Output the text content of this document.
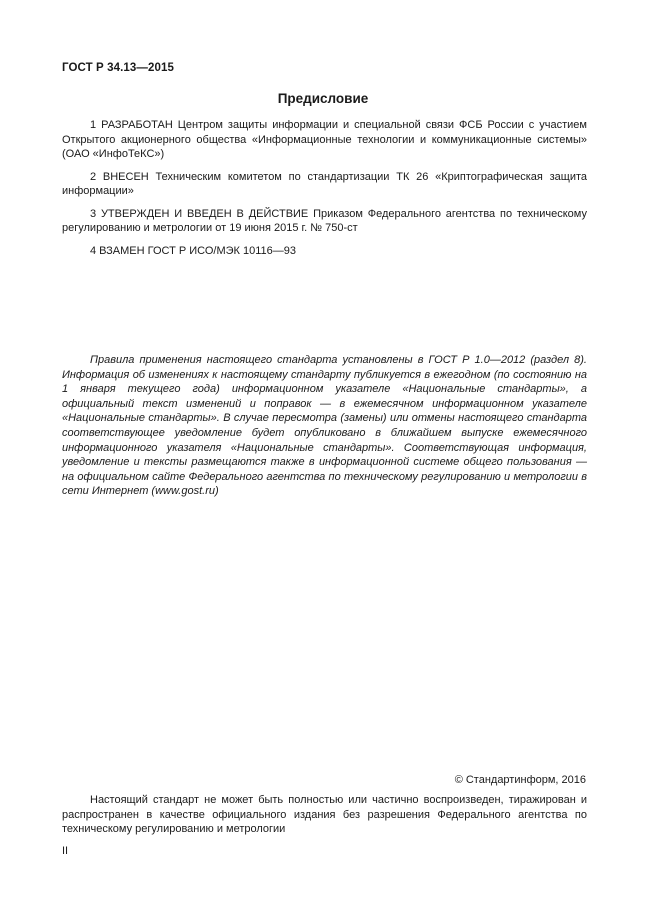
ГОСТ Р 34.13—2015
Предисловие

1 РАЗРАБОТАН Центром защиты информации и специальной связи ФСБ России с участием Открытого акционерного общества «Информационные технологии и коммуникационные системы» (ОАО «ИнфоТеКС»)

2 ВНЕСЕН Техническим комитетом по стандартизации ТК 26 «Криптографическая защита информации»

3 УТВЕРЖДЕН И ВВЕДЕН В ДЕЙСТВИЕ Приказом Федерального агентства по техническому регулированию и метрологии от 19 июня 2015 г. № 750-ст

4 ВЗАМЕН ГОСТ Р ИСО/МЭК 10116—93

Правила применения настоящего стандарта установлены в ГОСТ Р 1.0—2012 (раздел 8). Информация об изменениях к настоящему стандарту публикуется в ежегодном (по состоянию на 1 января текущего года) информационном указателе «Национальные стандарты», а официальный текст изменений и поправок — в ежемесячном информационном указателе «Национальные стандарты». В случае пересмотра (замены) или отмены настоящего стандарта соответствующее уведомление будет опубликовано в ближайшем выпуске ежемесячного информационного указателя «Национальные стандарты». Соответствующая информация, уведомление и тексты размещаются также в информационной системе общего пользования — на официальном сайте Федерального агентства по техническому регулированию и метрологии в сети Интернет (www.gost.ru)

© Стандартинформ, 2016

Настоящий стандарт не может быть полностью или частично воспроизведен, тиражирован и распространен в качестве официального издания без разрешения Федерального агентства по техническому регулированию и метрологии

II
